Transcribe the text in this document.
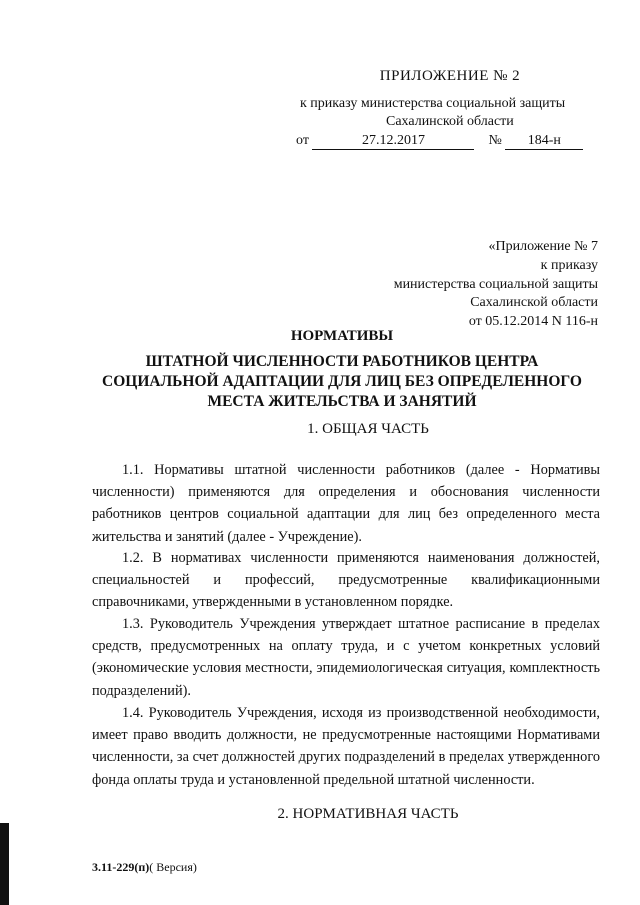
ПРИЛОЖЕНИЕ № 2
к приказу министерства социальной защиты
Сахалинской области
от	27.12.2017	№ 184-н
«Приложение № 7
к приказу
министерства социальной защиты
Сахалинской области
от 05.12.2014 N 116-н
НОРМАТИВЫ
ШТАТНОЙ ЧИСЛЕННОСТИ РАБОТНИКОВ ЦЕНТРА
СОЦИАЛЬНОЙ АДАПТАЦИИ ДЛЯ ЛИЦ БЕЗ ОПРЕДЕЛЕННОГО
МЕСТА ЖИТЕЛЬСТВА И ЗАНЯТИЙ
1. ОБЩАЯ ЧАСТЬ

1.1. Нормативы штатной численности работников (далее - Нормативы численности) применяются для определения и обоснования численности работников центров социальной адаптации для лиц без определенного места жительства и занятий (далее - Учреждение).

1.2. В нормативах численности применяются наименования должностей, специальностей и профессий, предусмотренные квалификационными справочниками, утвержденными в установленном порядке.

1.3. Руководитель Учреждения утверждает штатное расписание в пределах средств, предусмотренных на оплату труда, и с учетом конкретных условий (экономические условия местности, эпидемиологическая ситуация, комплектность подразделений).

1.4. Руководитель Учреждения, исходя из производственной необходимости, имеет право вводить должности, не предусмотренные настоящими Нормативами численности, за счет должностей других подразделений в пределах утвержденного фонда оплаты труда и установленной предельной штатной численности.

2. НОРМАТИВНАЯ ЧАСТЬ
3.11-229(п)( Версия)
